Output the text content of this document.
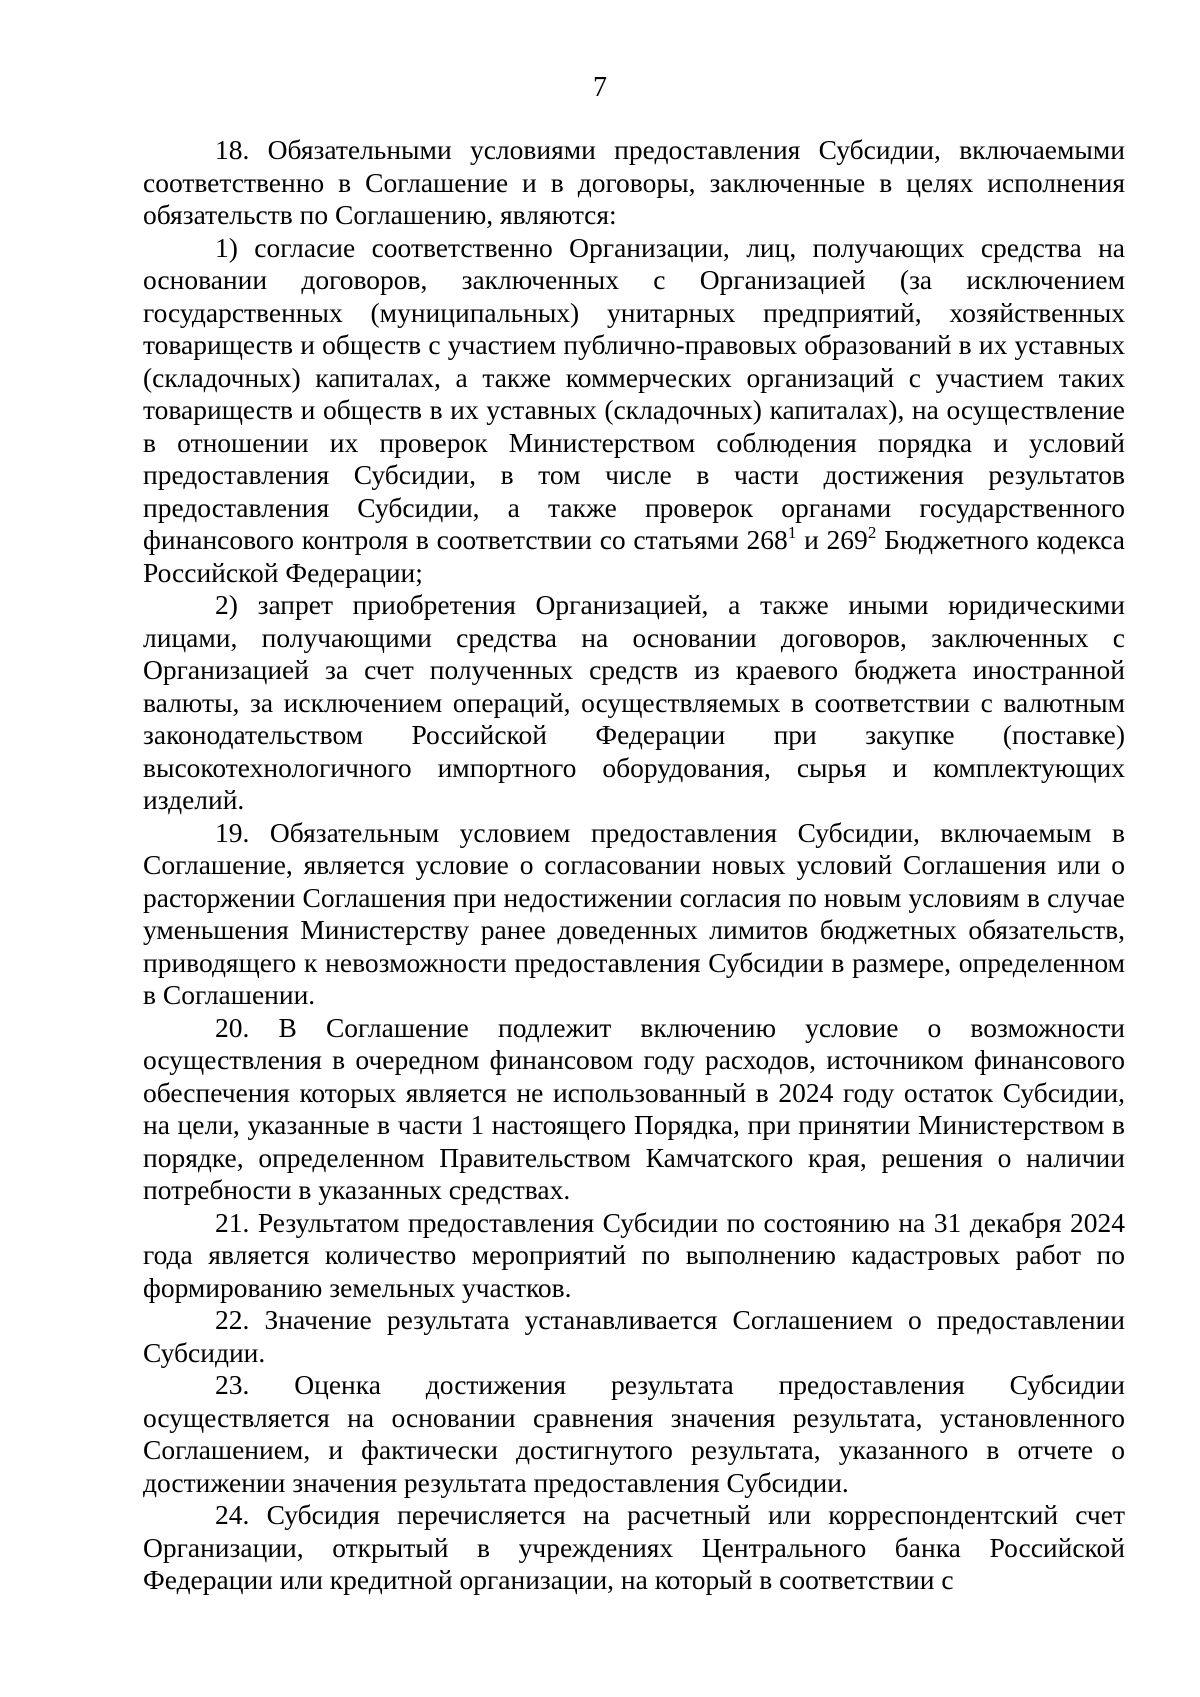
7

18. Обязательными условиями предоставления Субсидии, включаемыми соответственно в Соглашение и в договоры, заключенные в целях исполнения обязательств по Соглашению, являются:

1) согласие соответственно Организации, лиц, получающих средства на основании договоров, заключенных с Организацией (за исключением государственных (муниципальных) унитарных предприятий, хозяйственных товариществ и обществ с участием публично-правовых образований в их уставных (складочных) капиталах, а также коммерческих организаций с участием таких товариществ и обществ в их уставных (складочных) капиталах), на осуществление в отношении их проверок Министерством соблюдения порядка и условий предоставления Субсидии, в том числе в части достижения результатов предоставления Субсидии, а также проверок органами государственного финансового контроля в соответствии со статьями $268^1$ и $269^2$ Бюджетного кодекса Российской Федерации;

2) запрет приобретения Организацией, а также иными юридическими лицами, получающими средства на основании договоров, заключенных с Организацией за счет полученных средств из краевого бюджета иностранной валюты, за исключением операций, осуществляемых в соответствии с валютным законодательством Российской Федерации при закупке (поставке) высокотехнологичного импортного оборудования, сырья и комплектующих изделий.

19. Обязательным условием предоставления Субсидии, включаемым в Соглашение, является условие о согласовании новых условий Соглашения или о расторжении Соглашения при недостижении согласия по новым условиям в случае уменьшения Министерству ранее доведенных лимитов бюджетных обязательств, приводящего к невозможности предоставления Субсидии в размере, определенном в Соглашении.

20. В Соглашение подлежит включению условие о возможности осуществления в очередном финансовом году расходов, источником финансового обеспечения которых является не использованный в 2024 году остаток Субсидии, на цели, указанные в части 1 настоящего Порядка, при принятии Министерством в порядке, определенном Правительством Камчатского края, решения о наличии потребности в указанных средствах.

21. Результатом предоставления Субсидии по состоянию на 31 декабря 2024 года является количество мероприятий по выполнению кадастровых работ по формированию земельных участков.

22. Значение результата устанавливается Соглашением о предоставлении Субсидии.

23. Оценка достижения результата предоставления Субсидии осуществляется на основании сравнения значения результата, установленного Соглашением, и фактически достигнутого результата, указанного в отчете о достижении значения результата предоставления Субсидии.

24. Субсидия перечисляется на расчетный или корреспондентский счет Организации, открытый в учреждениях Центрального банка Российской Федерации или кредитной организации, на который в соответствии с
